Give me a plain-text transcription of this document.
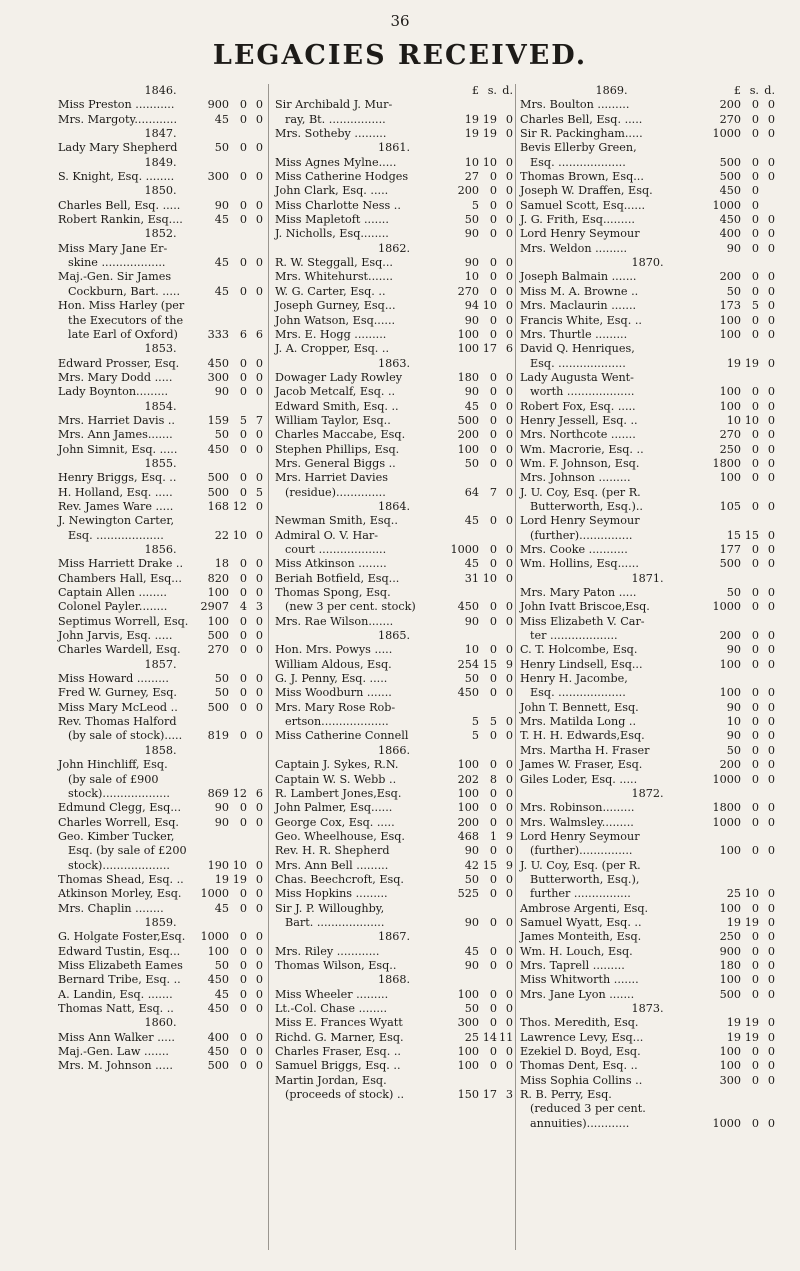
36
LEGACIES RECEIVED.
1846.
Miss Preston ...........	900 0 0
Mrs. Margoty............	45 0 0
1847.
Lady Mary Shepherd	50 0 0
1849.
S. Knight, Esq. ........	300 0 0
1850.
Charles Bell, Esq. .....	90 0 0
Robert Rankin, Esq....	45 0 0
1852.
Miss Mary Jane Er-
skine ..................	45 0 0
Maj.-Gen. Sir James
Cockburn, Bart. .....	45 0 0
Hon. Miss Harley (per
the Executors of the
late Earl of Oxford)	333 6 6
1853.
Edward Prosser, Esq.	450 0 0
Mrs. Mary Dodd .....	300 0 0
Lady Boynton.........	90 0 0
1854.
Mrs. Harriet Davis ..	159 5 7
Mrs. Ann James.......	50 0 0
John Simnit, Esq. .....	450 0 0
1855.
Henry Briggs, Esq. ..	500 0 0
H. Holland, Esq. .....	500 0 5
Rev. James Ware .....	168 12 0
J. Newington Carter,
Esq. ...................	22 10 0
1856.
Miss Harriett Drake ..	18 0 0
Chambers Hall, Esq... 820 0 0
Captain Allen ........	100 0 0
Colonel Payler........	2907 4 3
Septimus Worrell, Esq. 100 0 0
John Jarvis, Esq. .....	500 0 0
Charles Wardell, Esq. 270 0 0
1857.
Miss Howard .........	50 0 0
Fred W. Gurney, Esq.	50 0 0
Miss Mary McLeod ..	500 0 0
Rev. Thomas Halford
(by sale of stock)..... 819 0 0
1858.
John Hinchliff, Esq.
(by sale of £900
stock)...................	869 12 6
Edmund Clegg, Esq...	90 0 0
Charles Worrell, Esq.	90 0 0
Geo. Kimber Tucker,
Esq. (by sale of £200
stock)...................	190 10 0
Thomas Shead, Esq. ..	19 19 0
Atkinson Morley, Esq. 1000 0 0
Mrs. Chaplin ........	45 0 0
1859.
G. Holgate Foster,Esq. 1000 0 0
Edward Tustin, Esq... 100 0 0
Miss Elizabeth Eames	50 0 0
Bernard Tribe, Esq. .. 450 0 0
A. Landin, Esq. .......	45 0 0
Thomas Natt, Esq. ..	450 0 0
1860.
Miss Ann Walker .....	400 0 0
Maj.-Gen. Law .......	450 0 0
Mrs. M. Johnson .....	500 0 0
£ s. d.
Sir Archibald J. Mur-
ray, Bt. ................	19 19 0
Mrs. Sotheby .........	19 19 0
1861.
Miss Agnes Mylne.....	10 10 0
Miss Catherine Hodges	27 0 0
John Clark, Esq. .....	200 0 0
Miss Charlotte Ness ..	5 0 0
Miss Mapletoft .......	50 0 0
J. Nicholls, Esq........	90 0 0
1862.
R. W. Steggall, Esq...	90 0 0
Mrs. Whitehurst.......	10 0 0
W. G. Carter, Esq. ..	270 0 0
Joseph Gurney, Esq...	94 10 0
John Watson, Esq......	90 0 0
Mrs. E. Hogg .........	100 0 0
J. A. Cropper, Esq. ..	100 17 6
1863.
Dowager Lady Rowley	180 0 0
Jacob Metcalf, Esq. ..	90 0 0
Edward Smith, Esq. ..	45 0 0
William Taylor, Esq..	500 0 0
Charles Maccabe, Esq.	200 0 0
Stephen Phillips, Esq.	100 0 0
Mrs. General Biggs ..	50 0 0
Mrs. Harriet Davies
(residue)..............	64 7 0
1864.
Newman Smith, Esq..	45 0 0
Admiral O. V. Har-
court ...................	1000 0 0
Miss Atkinson ........	45 0 0
Beriah Botfield, Esq...	31 10 0
Thomas Spong, Esq.
(new 3 per cent. stock)	450 0 0
Mrs. Rae Wilson.......	90 0 0
1865.
Hon. Mrs. Powys .....	10 0 0
William Aldous, Esq.	254 15 9
G. J. Penny, Esq. .....	50 0 0
Miss Woodburn .......	450 0 0
Mrs. Mary Rose Rob-
ertson...................	5 5 0
Miss Catherine Connell	5 0 0
1866.
Captain J. Sykes, R.N.	100 0 0
Captain W. S. Webb ..	202 8 0
R. Lambert Jones,Esq.	100 0 0
John Palmer, Esq......	100 0 0
George Cox, Esq. .....	200 0 0
Geo. Wheelhouse, Esq.	468 1 9
Rev. H. R. Shepherd	90 0 0
Mrs. Ann Bell .........	42 15 9
Chas. Beechcroft, Esq.	50 0 0
Miss Hopkins .........	525 0 0
Sir J. P. Willoughby,
Bart. ...................	90 0 0
1867.
Mrs. Riley ............	45 0 0
Thomas Wilson, Esq..	90 0 0
1868.
Miss Wheeler .........	100 0 0
Lt.-Col. Chase ........	50 0 0
Miss E. Frances Wyatt	300 0 0
Richd. G. Marner, Esq.	25 14 11
Charles Fraser, Esq. ..	100 0 0
Samuel Briggs, Esq. ..	100 0 0
Martin Jordan, Esq.
(proceeds of stock) ..	150 17 3
1869.	£ s. d.
Mrs. Boulton .........	200 0 0
Charles Bell, Esq. .....	270 0 0
Sir R. Packingham.....	1000 0 0
Bevis Ellerby Green,
Esq. ...................	500 0 0
Thomas Brown, Esq...	500 0 0
Joseph W. Draffen, Esq.	450 0
Samuel Scott, Esq......	1000 0
J. G. Frith, Esq.........	450 0 0
Lord Henry Seymour	400 0 0
Mrs. Weldon .........	90 0 0
1870.
Joseph Balmain .......	200 0 0
Miss M. A. Browne ..	50 0 0
Mrs. Maclaurin .......	173 5 0
Francis White, Esq. ..	100 0 0
Mrs. Thurtle .........	100 0 0
David Q. Henriques,
Esq. ...................	19 19 0
Lady Augusta Went-
worth ...................	100 0 0
Robert Fox, Esq. .....	100 0 0
Henry Jessell, Esq. ..	10 10 0
Mrs. Northcote .......	270 0 0
Wm. Macrorie, Esq. ..	250 0 0
Wm. F. Johnson, Esq.	1800 0 0
Mrs. Johnson .........	100 0 0
J. U. Coy, Esq. (per R.
Butterworth, Esq.)..	105 0 0
Lord Henry Seymour
(further)...............	15 15 0
Mrs. Cooke ...........	177 0 0
Wm. Hollins, Esq......	500 0 0
1871.
Mrs. Mary Paton .....	50 0 0
John Ivatt Briscoe,Esq.	1000 0 0
Miss Elizabeth V. Car-
ter ...................	200 0 0
C. T. Holcombe, Esq.	90 0 0
Henry Lindsell, Esq...	100 0 0
Henry H. Jacombe,
Esq. ...................	100 0 0
John T. Bennett, Esq.	90 0 0
Mrs. Matilda Long ..	10 0 0
T. H. H. Edwards,Esq.	90 0 0
Mrs. Martha H. Fraser	50 0 0
James W. Fraser, Esq.	200 0 0
Giles Loder, Esq. .....	1000 0 0
1872.
Mrs. Robinson.........	1800 0 0
Mrs. Walmsley.........	1000 0 0
Lord Henry Seymour
(further)...............	100 0 0
J. U. Coy, Esq. (per R.
Butterworth, Esq.),
further ................	25 10 0
Ambrose Argenti, Esq.	100 0 0
Samuel Wyatt, Esq. ..	19 19 0
James Monteith, Esq.	250 0 0
Wm. H. Louch, Esq.	900 0 0
Mrs. Taprell .........	180 0 0
Miss Whitworth .......	100 0 0
Mrs. Jane Lyon .......	500 0 0
1873.
Thos. Meredith, Esq.	19 19 0
Lawrence Levy, Esq...	19 19 0
Ezekiel D. Boyd, Esq.	100 0 0
Thomas Dent, Esq. ..	100 0 0
Miss Sophia Collins ..	300 0 0
R. B. Perry, Esq.
(reduced 3 per cent.
annuities)............	1000 0 0
